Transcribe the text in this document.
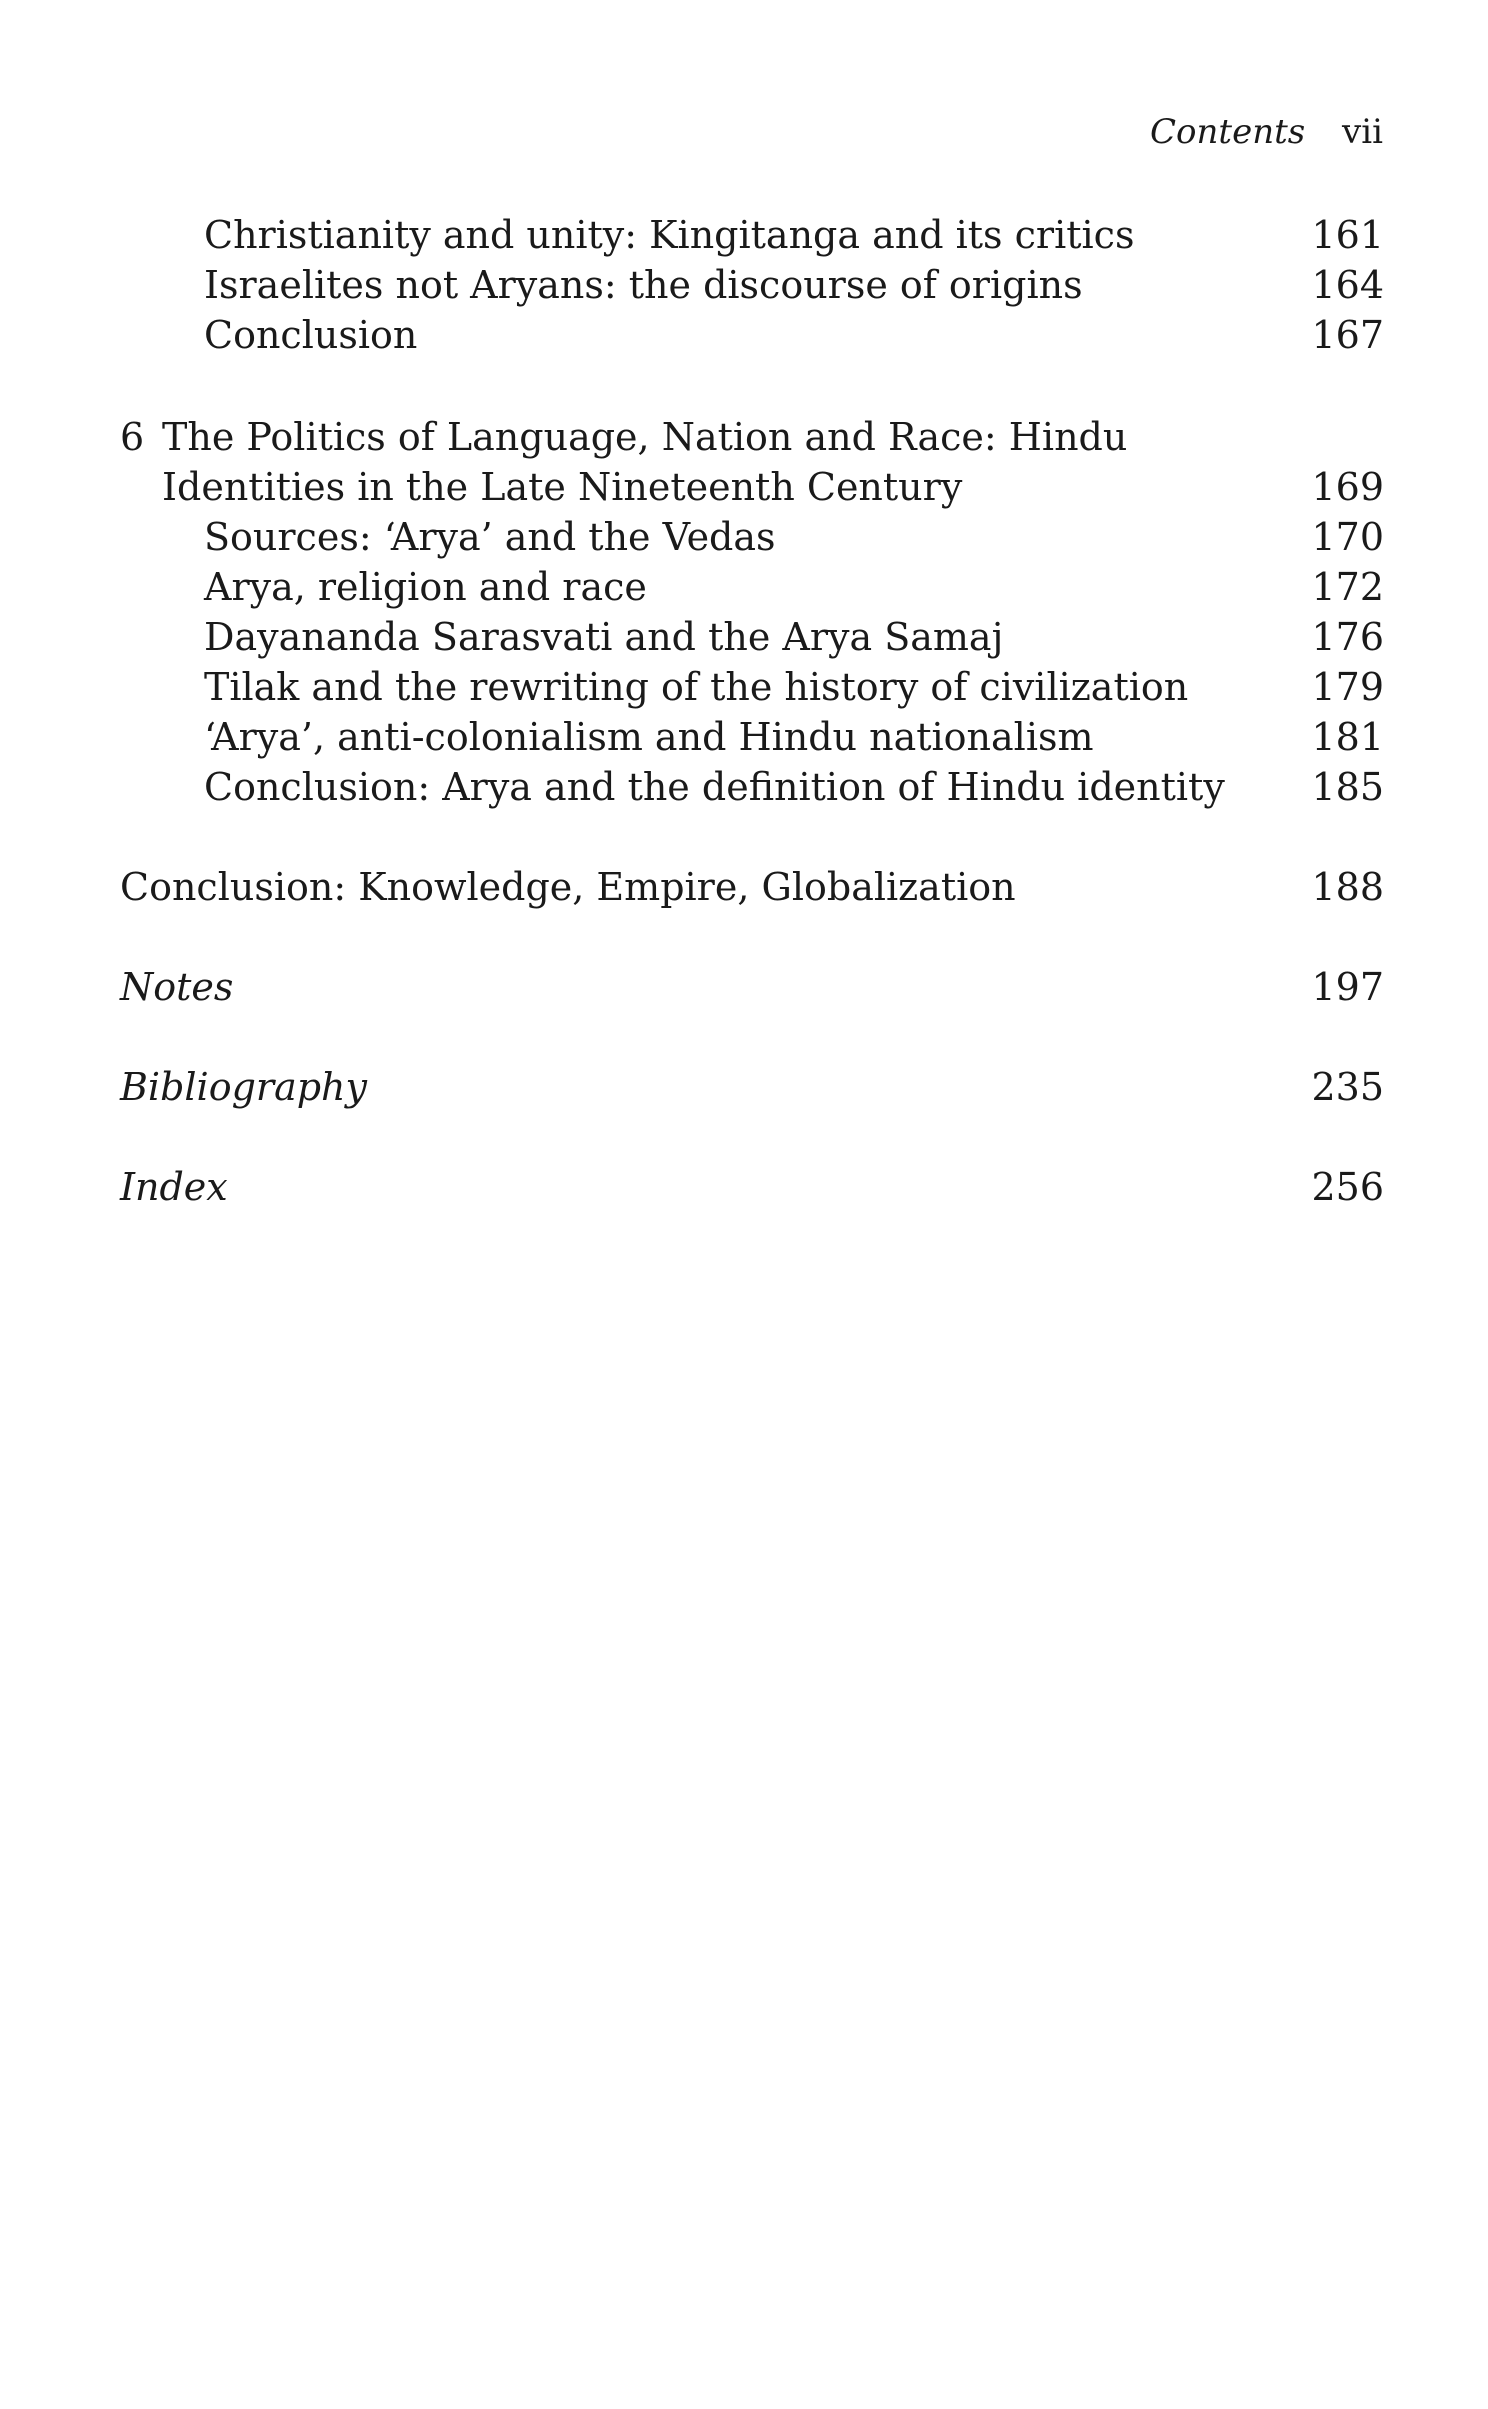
Contents vii
Christianity and unity: Kingitanga and its critics	161
Israelites not Aryans: the discourse of origins	164
Conclusion	167
6 The Politics of Language, Nation and Race: Hindu
Identities in the Late Nineteenth Century	169
Sources: ‘Arya’ and the Vedas	170
Arya, religion and race	172
Dayananda Sarasvati and the Arya Samaj	176
Tilak and the rewriting of the history of civilization	179
‘Arya’, anti-colonialism and Hindu nationalism	181
Conclusion: Arya and the definition of Hindu identity 185
Conclusion: Knowledge, Empire, Globalization	188
Notes	197
Bibliography	235
Index	256
